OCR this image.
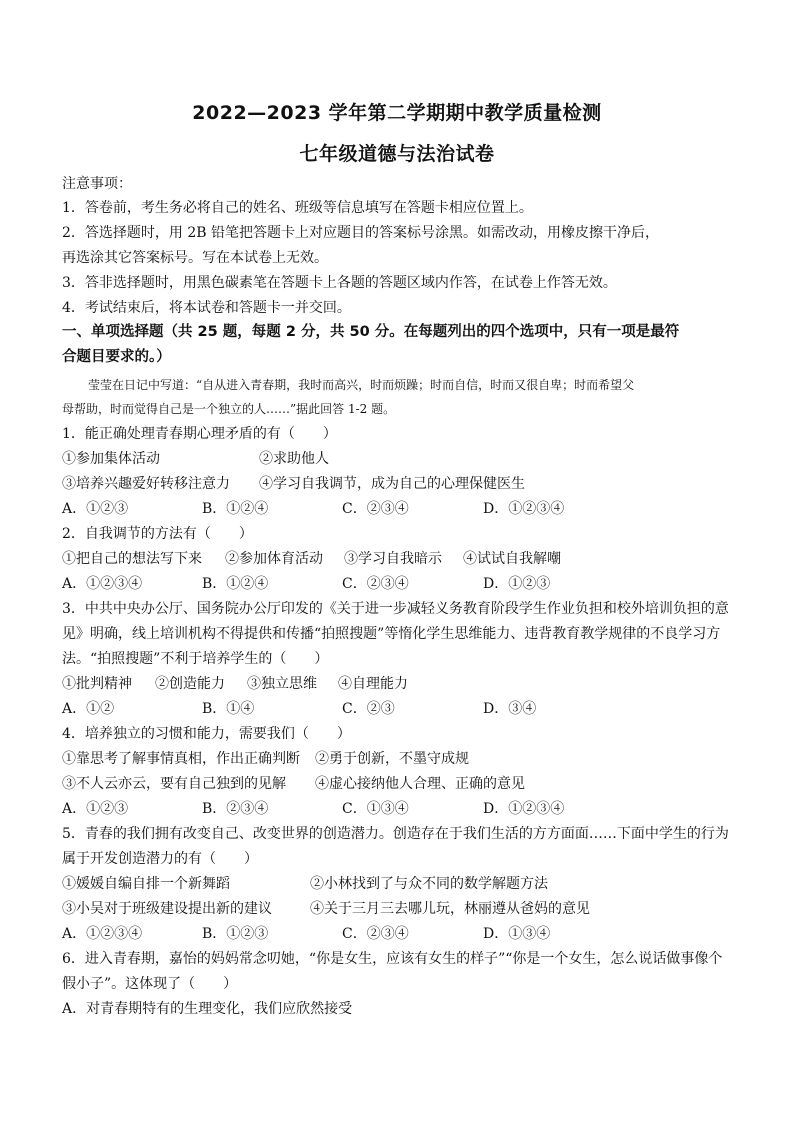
2022—2023 学年第二学期期中教学质量检测
七年级道德与法治试卷
注意事项：
1．答卷前，考生务必将自己的姓名、班级等信息填写在答题卡相应位置上。
2．答选择题时，用 2B 铅笔把答题卡上对应题目的答案标号涂黑。如需改动，用橡皮擦干净后，
再选涂其它答案标号。写在本试卷上无效。
3．答非选择题时，用黑色碳素笔在答题卡上各题的答题区域内作答，在试卷上作答无效。
4．考试结束后，将本试卷和答题卡一并交回。
一、单项选择题（共 25 题，每题 2 分，共 50 分。在每题列出的四个选项中，只有一项是最符
合题目要求的。）
莹莹在日记中写道：“自从进入青春期，我时而高兴，时而烦躁；时而自信，时而又很自卑；时而希望父
母帮助，时而觉得自己是一个独立的人……”据此回答 1-2 题。
1．能正确处理青春期心理矛盾的有（　　）
①参加集体活动	②求助他人
③培养兴趣爱好转移注意力 ④学习自我调节，成为自己的心理保健医生
A．①②③	B．①②④	C．②③④	D．①②③④
2．自我调节的方法有（　　）
①把自己的想法写下来 ②参加体育活动 ③学习自我暗示 ④试试自我解嘲
A．①②③④	B．①②④	C．②③④	D．①②③
3．中共中央办公厅、国务院办公厅印发的《关于进一步减轻义务教育阶段学生作业负担和校外培训负担的意
见》明确，线上培训机构不得提供和传播“拍照搜题”等惰化学生思维能力、违背教育教学规律的不良学习方
法。“拍照搜题”不利于培养学生的（　　）
①批判精神 ②创造能力 ③独立思维 ④自理能力
A．①②	B．①④	C．②③	D．③④
4．培养独立的习惯和能力，需要我们（　　）
①靠思考了解事情真相，作出正确判断 ②勇于创新，不墨守成规
③不人云亦云，要有自己独到的见解 ④虚心接纳他人合理、正确的意见
A．①②③	B．②③④	C．①③④	D．①②③④
5．青春的我们拥有改变自己、改变世界的创造潜力。创造存在于我们生活的方方面面……下面中学生的行为
属于开发创造潜力的有（　　）
①媛媛自编自排一个新舞蹈	②小林找到了与众不同的数学解题方法
③小吴对于班级建设提出新的建议	④关于三月三去哪儿玩，林丽遵从爸妈的意见
A．①②③④	B．①②③	C．②③④	D．①③④
6．进入青春期，嘉怡的妈妈常念叨她，“你是女生，应该有女生的样子”“你是一个女生，怎么说话做事像个
假小子”。这体现了（　　）
A．对青春期特有的生理变化，我们应欣然接受
